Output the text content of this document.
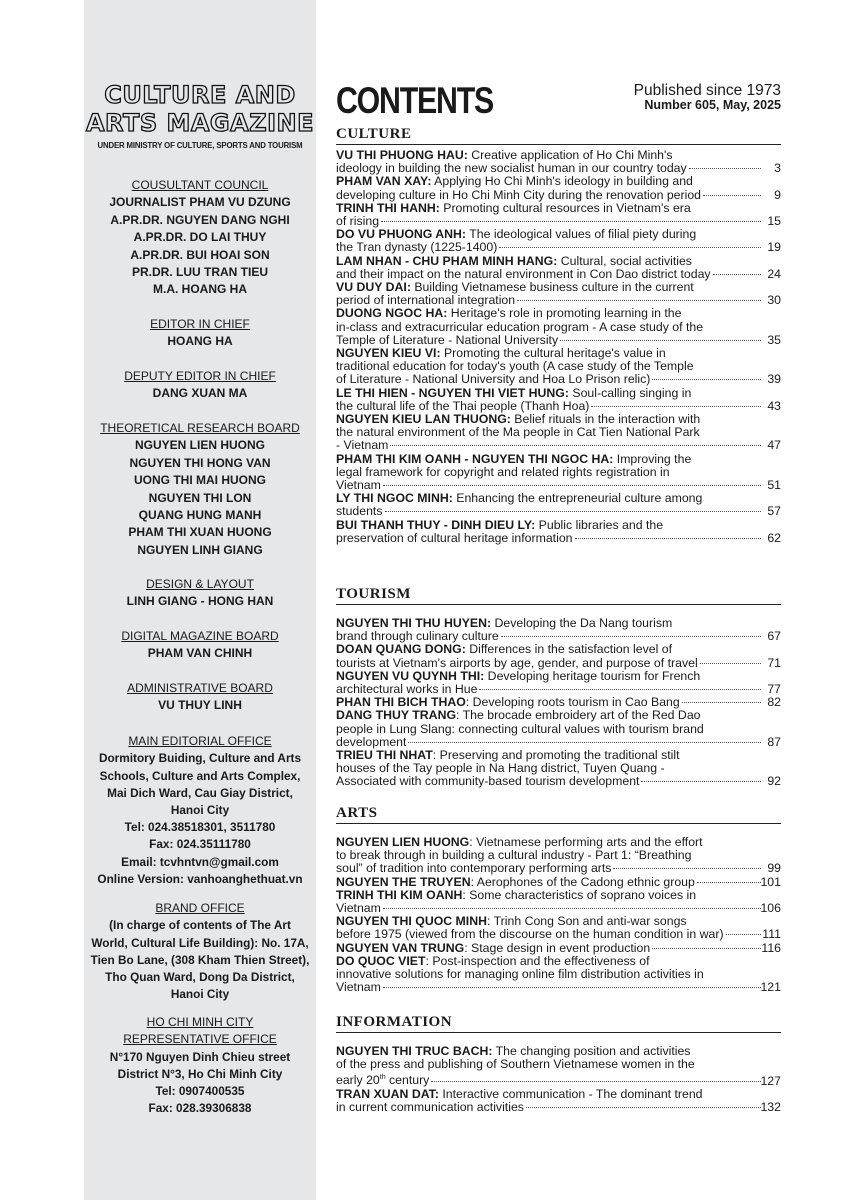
CULTURE AND
ARTS MAGAZINE
UNDER MINISTRY OF CULTURE, SPORTS AND TOURISM
COUSULTANT COUNCIL
JOURNALIST PHAM VU DZUNG
A.PR.DR. NGUYEN DANG NGHI
A.PR.DR. DO LAI THUY
A.PR.DR. BUI HOAI SON
PR.DR. LUU TRAN TIEU
M.A. HOANG HA
EDITOR IN CHIEF
HOANG HA
DEPUTY EDITOR IN CHIEF
DANG XUAN MA
THEORETICAL RESEARCH BOARD
NGUYEN LIEN HUONG
NGUYEN THI HONG VAN
UONG THI MAI HUONG
NGUYEN THI LON
QUANG HUNG MANH
PHAM THI XUAN HUONG
NGUYEN LINH GIANG
DESIGN & LAYOUT
LINH GIANG - HONG HAN
DIGITAL MAGAZINE BOARD
PHAM VAN CHINH
ADMINISTRATIVE BOARD
VU THUY LINH
MAIN EDITORIAL OFFICE
Dormitory Buiding, Culture and Arts
Schools, Culture and Arts Complex,
Mai Dich Ward, Cau Giay District,
Hanoi City
Tel: 024.38518301, 3511780
Fax: 024.35111780
Email: tcvhntvn@gmail.com
Online Version: vanhoanghethuat.vn
BRAND OFFICE
(In charge of contents of The Art
World, Cultural Life Building): No. 17A,
Tien Bo Lane, (308 Kham Thien Street),
Tho Quan Ward, Dong Da District,
Hanoi City
HO CHI MINH CITY
REPRESENTATIVE OFFICE
N°170 Nguyen Dinh Chieu street
District N°3, Ho Chi Minh City
Tel: 0907400535
Fax: 028.39306838
CONTENTS	Published since 1973
Number 605, May, 2025
CULTURE
VU THI PHUONG HAU: Creative application of Ho Chi Minh's
ideology in building the new socialist human in our country today	3
PHAM VAN XAY: Applying Ho Chi Minh's ideology in building and
developing culture in Ho Chi Minh City during the renovation period	9
TRINH THI HANH: Promoting cultural resources in Vietnam's era
of rising	15
DO VU PHUONG ANH: The ideological values of filial piety during
the Tran dynasty (1225-1400)	19
LAM NHAN - CHU PHAM MINH HANG: Cultural, social activities
and their impact on the natural environment in Con Dao district today	24
VU DUY DAI: Building Vietnamese business culture in the current
period of international integration	30
DUONG NGOC HA: Heritage's role in promoting learning in the
in-class and extracurricular education program - A case study of the
Temple of Literature - National University	35
NGUYEN KIEU VI: Promoting the cultural heritage's value in
traditional education for today's youth (A case study of the Temple
of Literature - National University and Hoa Lo Prison relic)	39
LE THI HIEN - NGUYEN THI VIET HUNG: Soul-calling singing in
the cultural life of the Thai people (Thanh Hoa)	43
NGUYEN KIEU LAN THUONG: Belief rituals in the interaction with
the natural environment of the Ma people in Cat Tien National Park
- Vietnam	47
PHAM THI KIM OANH - NGUYEN THI NGOC HA: Improving the
legal framework for copyright and related rights registration in
Vietnam	51
LY THI NGOC MINH: Enhancing the entrepreneurial culture among
students	57
BUI THANH THUY - DINH DIEU LY: Public libraries and the
preservation of cultural heritage information	62
TOURISM
NGUYEN THI THU HUYEN: Developing the Da Nang tourism
brand through culinary culture	67
DOAN QUANG DONG: Differences in the satisfaction level of
tourists at Vietnam's airports by age, gender, and purpose of travel	71
NGUYEN VU QUYNH THI: Developing heritage tourism for French
architectural works in Hue	77
PHAN THI BICH THAO: Developing roots tourism in Cao Bang	82
DANG THUY TRANG: The brocade embroidery art of the Red Dao
people in Lung Slang: connecting cultural values with tourism brand
development	87
TRIEU THI NHAT: Preserving and promoting the traditional stilt
houses of the Tay people in Na Hang district, Tuyen Quang -
Associated with community-based tourism development	92
ARTS
NGUYEN LIEN HUONG: Vietnamese performing arts and the effort
to break through in building a cultural industry - Part 1: “Breathing
soul” of tradition into contemporary performing arts	99
NGUYEN THE TRUYEN: Aerophones of the Cadong ethnic group	101
TRINH THI KIM OANH: Some characteristics of soprano voices in
Vietnam	106
NGUYEN THI QUOC MINH: Trinh Cong Son and anti-war songs
before 1975 (viewed from the discourse on the human condition in war)	111
NGUYEN VAN TRUNG: Stage design in event production	116
DO QUOC VIET: Post-inspection and the effectiveness of
innovative solutions for managing online film distribution activities in
Vietnam	121
INFORMATION
NGUYEN THI TRUC BACH: The changing position and activities
of the press and publishing of Southern Vietnamese women in the
early 20th century	127
TRAN XUAN DAT: Interactive communication - The dominant trend
in current communication activities	132
